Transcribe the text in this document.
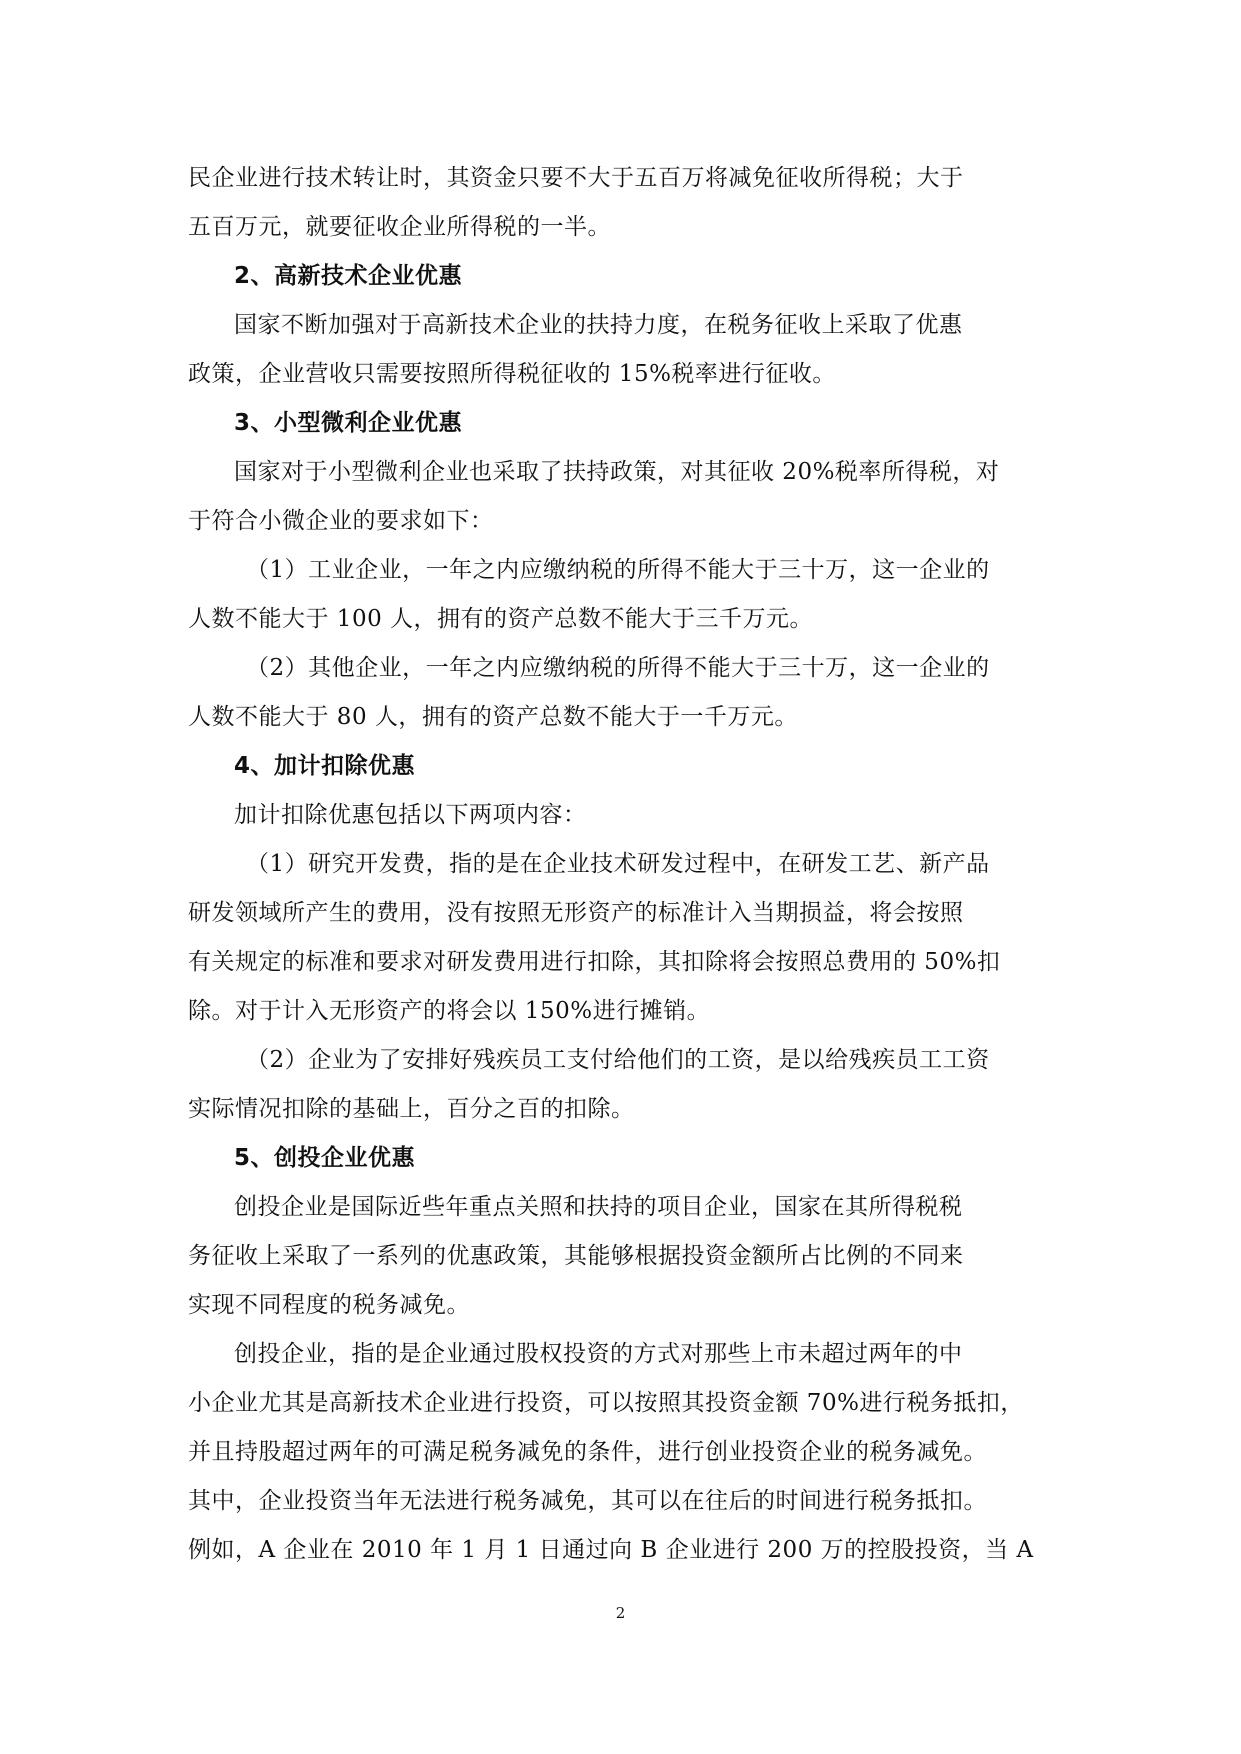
民企业进行技术转让时，其资金只要不大于五百万将减免征收所得税；大于
五百万元，就要征收企业所得税的一半。
2、高新技术企业优惠
国家不断加强对于高新技术企业的扶持力度，在税务征收上采取了优惠
政策，企业营收只需要按照所得税征收的 15%税率进行征收。
3、小型微利企业优惠
国家对于小型微利企业也采取了扶持政策，对其征收 20%税率所得税，对
于符合小微企业的要求如下：
（1）工业企业，一年之内应缴纳税的所得不能大于三十万，这一企业的
人数不能大于 100 人，拥有的资产总数不能大于三千万元。
（2）其他企业，一年之内应缴纳税的所得不能大于三十万，这一企业的
人数不能大于 80 人，拥有的资产总数不能大于一千万元。
4、加计扣除优惠
加计扣除优惠包括以下两项内容：
（1）研究开发费，指的是在企业技术研发过程中，在研发工艺、新产品
研发领域所产生的费用，没有按照无形资产的标准计入当期损益，将会按照
有关规定的标准和要求对研发费用进行扣除，其扣除将会按照总费用的 50%扣
除。对于计入无形资产的将会以 150%进行摊销。
（2）企业为了安排好残疾员工支付给他们的工资，是以给残疾员工工资
实际情况扣除的基础上，百分之百的扣除。
5、创投企业优惠
创投企业是国际近些年重点关照和扶持的项目企业，国家在其所得税税
务征收上采取了一系列的优惠政策，其能够根据投资金额所占比例的不同来
实现不同程度的税务减免。
创投企业，指的是企业通过股权投资的方式对那些上市未超过两年的中
小企业尤其是高新技术企业进行投资，可以按照其投资金额 70%进行税务抵扣，
并且持股超过两年的可满足税务减免的条件，进行创业投资企业的税务减免。
其中，企业投资当年无法进行税务减免，其可以在往后的时间进行税务抵扣。
例如，A 企业在 2010 年 1 月 1 日通过向 B 企业进行 200 万的控股投资，当 A
2
